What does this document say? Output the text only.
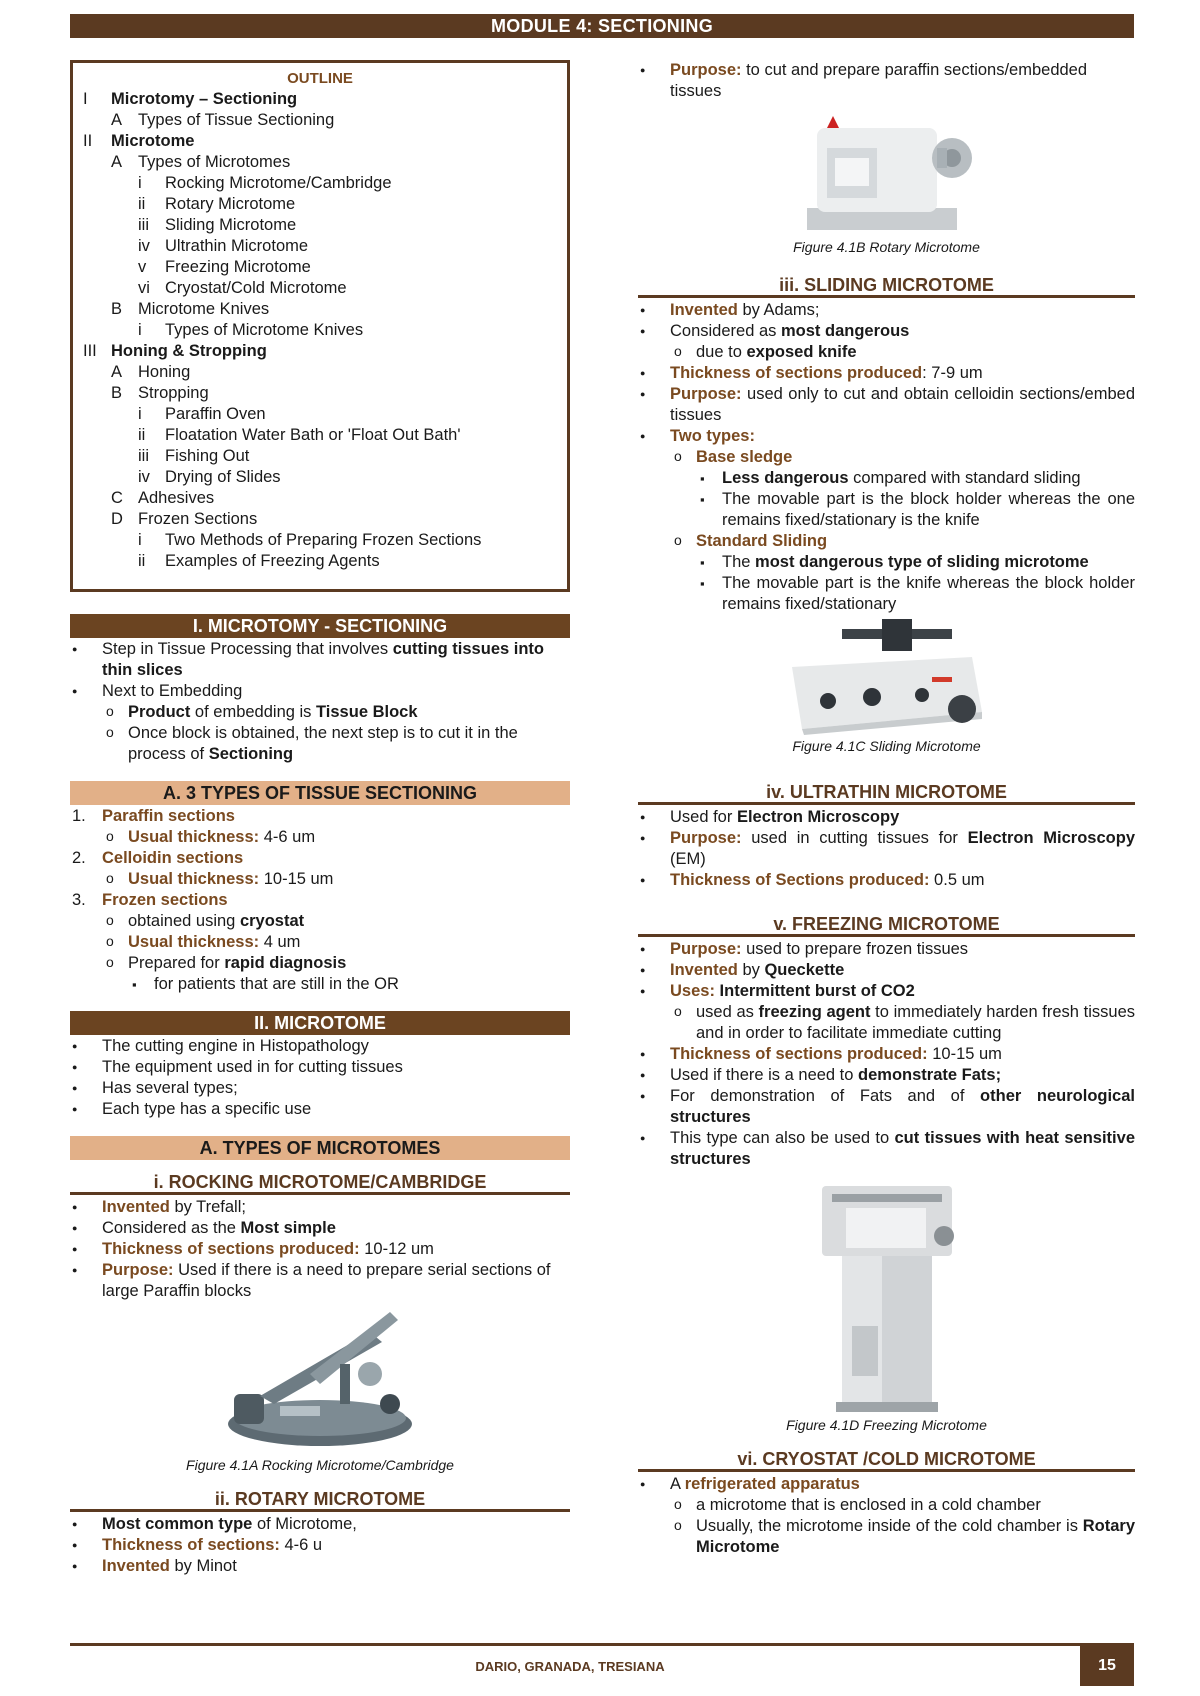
MODULE 4: SECTIONING
OUTLINE
I	Microtomy – Sectioning
A Types of Tissue Sectioning
II	Microtome
A Types of Microtomes
i	Rocking Microtome/Cambridge
ii	Rotary Microtome
iii Sliding Microtome
iv Ultrathin Microtome
v	Freezing Microtome
vi Cryostat/Cold Microtome
B Microtome Knives
i	Types of Microtome Knives
III Honing & Stropping
A Honing
B Stropping
i	Paraffin Oven
ii	Floatation Water Bath or 'Float Out Bath'
iii Fishing Out
iv Drying of Slides
C Adhesives
D Frozen Sections
i	Two Methods of Preparing Frozen Sections
ii	Examples of Freezing Agents
I. MICROTOMY - SECTIONING
● Step in Tissue Processing that involves cutting tissues into thin slices
● Next to Embedding
o Product of embedding is Tissue Block
o Once block is obtained, the next step is to cut it in the process of Sectioning
A. 3 TYPES OF TISSUE SECTIONING
1. Paraffin sections
o Usual thickness: 4-6 um
2. Celloidin sections
o Usual thickness: 10-15 um
3. Frozen sections
o obtained using cryostat
o Usual thickness: 4 um
o Prepared for rapid diagnosis
▪ for patients that are still in the OR
II. MICROTOME
● The cutting engine in Histopathology
● The equipment used in for cutting tissues
● Has several types;
● Each type has a specific use
A. TYPES OF MICROTOMES
i. ROCKING MICROTOME/CAMBRIDGE
● Invented by Trefall;
● Considered as the Most simple
● Thickness of sections produced: 10-12 um
● Purpose: Used if there is a need to prepare serial sections of large Paraffin blocks
Figure 4.1A Rocking Microtome/Cambridge
ii. ROTARY MICROTOME
● Most common type of Microtome,
● Thickness of sections: 4-6 u
● Invented by Minot
● Purpose: to cut and prepare paraffin sections/embedded tissues
Figure 4.1B Rotary Microtome
iii. SLIDING MICROTOME
● Invented by Adams;
● Considered as most dangerous
o due to exposed knife
● Thickness of sections produced: 7-9 um
● Purpose: used only to cut and obtain celloidin sections/embed tissues
● Two types:
o Base sledge
▪ Less dangerous compared with standard sliding
▪ The movable part is the block holder whereas the one remains fixed/stationary is the knife
o Standard Sliding
▪ The most dangerous type of sliding microtome
▪ The movable part is the knife whereas the block holder remains fixed/stationary
Figure 4.1C Sliding Microtome
iv. ULTRATHIN MICROTOME
● Used for Electron Microscopy
● Purpose: used in cutting tissues for Electron Microscopy (EM)
● Thickness of Sections produced: 0.5 um
v. FREEZING MICROTOME
● Purpose: used to prepare frozen tissues
● Invented by Queckette
● Uses: Intermittent burst of CO2
o used as freezing agent to immediately harden fresh tissues and in order to facilitate immediate cutting
● Thickness of sections produced: 10-15 um
● Used if there is a need to demonstrate Fats;
● For demonstration of Fats and of other neurological structures
● This type can also be used to cut tissues with heat sensitive structures
Figure 4.1D Freezing Microtome
vi. CRYOSTAT /COLD MICROTOME
● A refrigerated apparatus
o a microtome that is enclosed in a cold chamber
o Usually, the microtome inside of the cold chamber is Rotary Microtome
DARIO, GRANADA, TRESIANA	15
